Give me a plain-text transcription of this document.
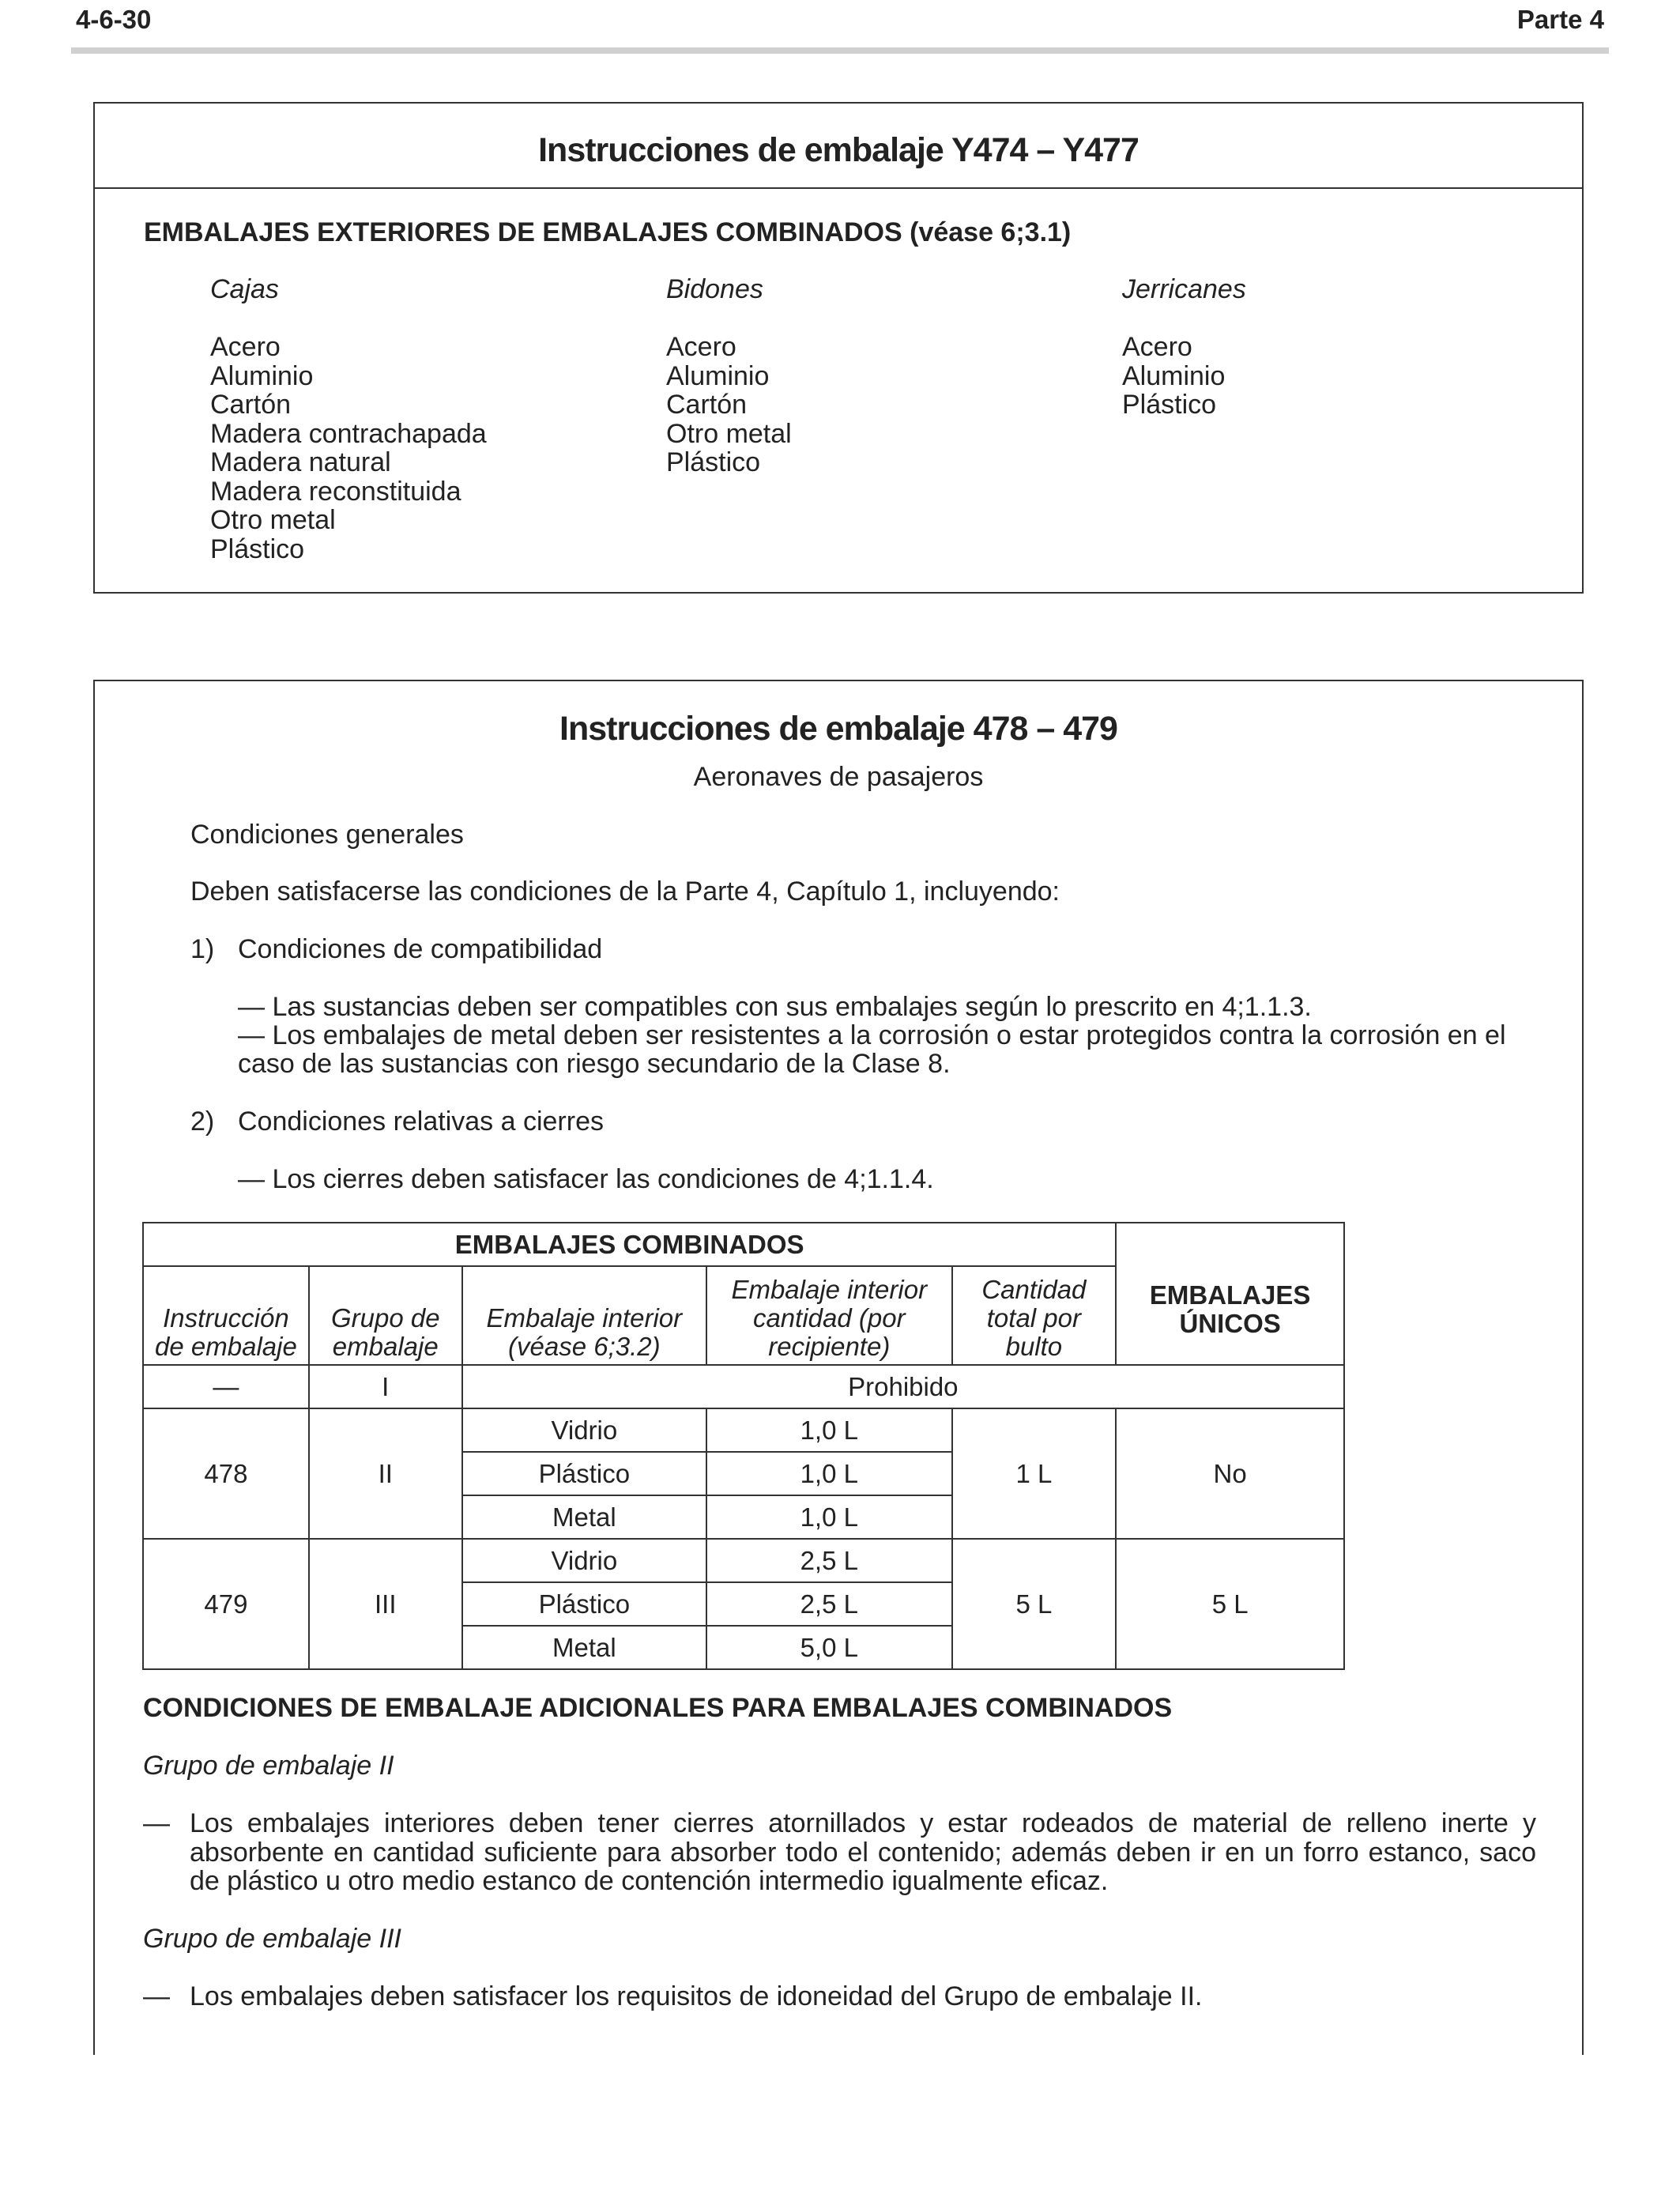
4-6-30	Parte 4
Instrucciones de embalaje Y474 – Y477
EMBALAJES EXTERIORES DE EMBALAJES COMBINADOS (véase 6;3.1)
Cajas
Acero
Aluminio
Cartón
Madera contrachapada
Madera natural
Madera reconstituida
Otro metal
Plástico
Bidones
Acero
Aluminio
Cartón
Otro metal
Plástico
Jerricanes
Acero
Aluminio
Plástico
Instrucciones de embalaje 478 – 479
Aeronaves de pasajeros
Condiciones generales
Deben satisfacerse las condiciones de la Parte 4, Capítulo 1, incluyendo:
1) Condiciones de compatibilidad
— Las sustancias deben ser compatibles con sus embalajes según lo prescrito en 4;1.1.3.
— Los embalajes de metal deben ser resistentes a la corrosión o estar protegidos contra la corrosión en el
caso de las sustancias con riesgo secundario de la Clase 8.
2) Condiciones relativas a cierres
— Los cierres deben satisfacer las condiciones de 4;1.1.4.
EMBALAJES COMBINADOS					EMBALAJES ÚNICOS
Instrucción de embalaje	Grupo de embalaje	Embalaje interior (véase 6;3.2)	Embalaje interior cantidad (por recipiente)	Cantidad total por bulto	
—	I	Prohibido			
478	II	Vidrio	1,0 L	1 L	No
		Plástico	1,0 L		
		Metal	1,0 L		
479	III	Vidrio	2,5 L	5 L	5 L
		Plástico	2,5 L		
		Metal	5,0 L		
CONDICIONES DE EMBALAJE ADICIONALES PARA EMBALAJES COMBINADOS
Grupo de embalaje II
— Los embalajes interiores deben tener cierres atornillados y estar rodeados de material de relleno inerte y absorbente en cantidad suficiente para absorber todo el contenido; además deben ir en un forro estanco, saco de plástico u otro medio estanco de contención intermedio igualmente eficaz.
Grupo de embalaje III
— Los embalajes deben satisfacer los requisitos de idoneidad del Grupo de embalaje II.
